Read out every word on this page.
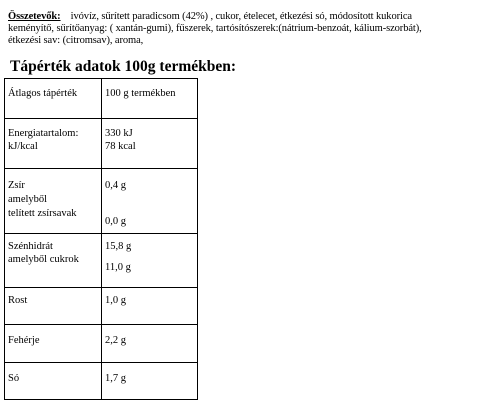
Összetevők: ivóvíz, sűrített paradicsom (42%) , cukor, ételecet, étkezési só, módosított kukorica
keményítő, sűrítőanyag: ( xantán-gumi), fűszerek, tartósítószerek:(nátrium-benzoát, kálium-szorbát),
étkezési sav: (citromsav), aroma,
Tápérték adatok 100g termékben:
Átlagos tápérték	100 g termékben

Energiatartalom:
kJ/kcal	330 kJ
78 kcal

Zsír
amelyből
telített zsírsavak	0,4 g
0,0 g

Szénhidrát
amelyből cukrok	15,8 g
11,0 g

Rost	1,0 g

Fehérje	2,2 g

Só	1,7 g
